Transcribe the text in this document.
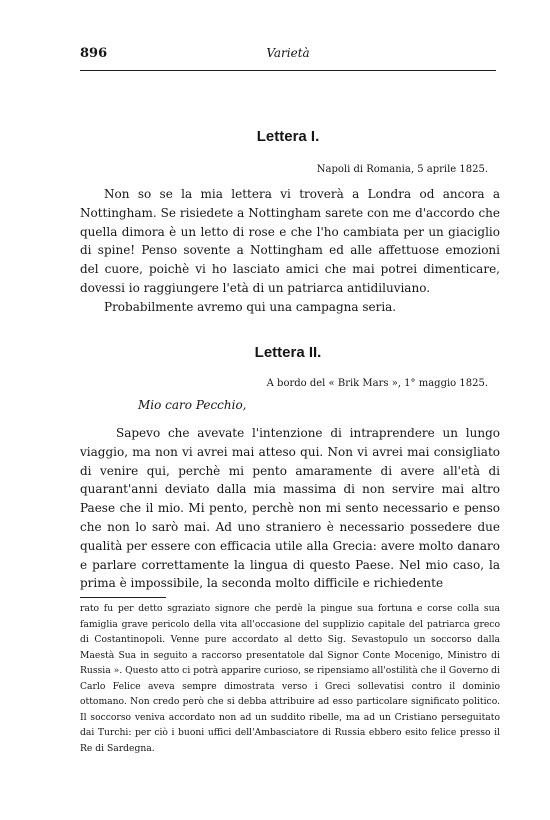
896	Varietà
Lettera I.
Napoli di Romania, 5 aprile 1825.

Non so se la mia lettera vi troverà a Londra od ancora a Nottingham. Se risiedete a Nottingham sarete con me d'accordo che quella dimora è un letto di rose e che l'ho cambiata per un giaciglio di spine! Penso sovente a Nottingham ed alle affettuose emozioni del cuore, poichè vi ho lasciato amici che mai potrei dimenticare, dovessi io raggiungere l'età di un patriarca antidiluviano.

Probabilmente avremo qui una campagna seria.

Lettera II.
A bordo del « Brik Mars », 1° maggio 1825.
Mio caro Pecchio,

Sapevo che avevate l'intenzione di intraprendere un lungo viaggio, ma non vi avrei mai atteso qui. Non vi avrei mai consigliato di venire qui, perchè mi pento amaramente di avere all'età di quarant'anni deviato dalla mia massima di non servire mai altro Paese che il mio. Mi pento, perchè non mi sento necessario e penso che non lo sarò mai. Ad uno straniero è necessario possedere due qualità per essere con efficacia utile alla Grecia: avere molto danaro e parlare correttamente la lingua di questo Paese. Nel mio caso, la prima è impossibile, la seconda molto difficile e richiedente

rato fu per detto sgraziato signore che perdè la pingue sua fortuna e corse colla sua famiglia grave pericolo della vita all'occasione del supplizio capitale del patriarca greco di Costantinopoli. Venne pure accordato al detto Sig. Sevastopulo un soccorso dalla Maestà Sua in seguito a raccorso presentatole dal Signor Conte Mocenigo, Ministro di Russia ». Questo atto ci potrà apparire curioso, se ripensiamo all'ostilità che il Governo di Carlo Felice aveva sempre dimostrata verso i Greci sollevatisi contro il dominio ottomano. Non credo però che si debba attribuire ad esso particolare significato politico. Il soccorso veniva accordato non ad un suddito ribelle, ma ad un Cristiano perseguitato dai Turchi: per ciò i buoni uffici dell'Ambasciatore di Russia ebbero esito felice presso il Re di Sardegna.
